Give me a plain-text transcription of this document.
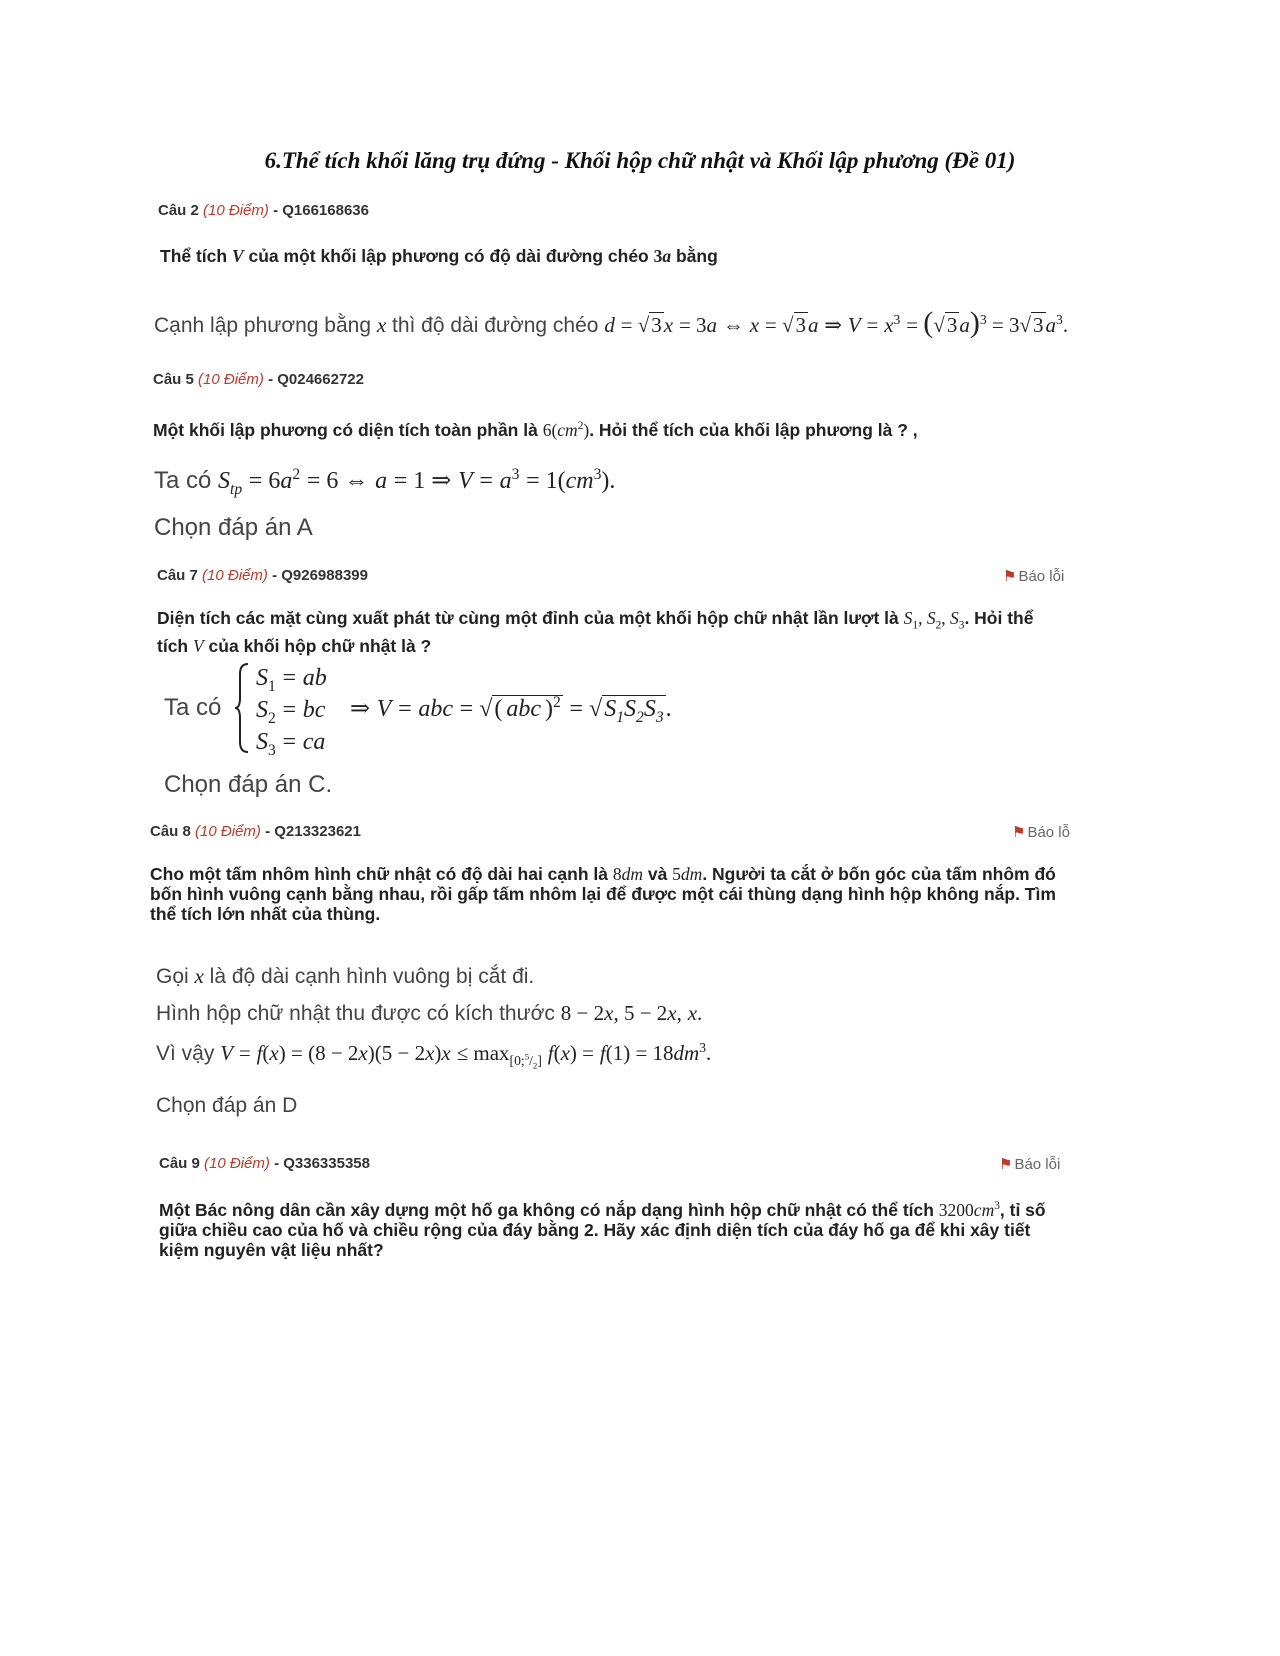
6.Thể tích khối lăng trụ đứng - Khối hộp chữ nhật và Khối lập phương (Đề 01)
Câu 2 (10 Điểm) - Q166168636
Thể tích V của một khối lập phương có độ dài đường chéo 3a bằng
Cạnh lập phương bằng x thì độ dài đường chéo d = √3x = 3a ⇔ x = √3a ⇒ $V = x^3 = (√3a)^3 = 3√3a^3$.
Câu 5 (10 Điểm) - Q024662722
Một khối lập phương có diện tích toàn phần là $6(cm^2)$. Hỏi thể tích của khối lập phương là ? ,
Ta có $S_{tp} = 6a^2 = 6$ ⇔ a = 1 ⇒ $V = a^3 = 1(cm^3)$.
Chọn đáp án A
Câu 7 (10 Điểm) - Q926988399	⚑ Báo lỗi
Diện tích các mặt cùng xuất phát từ cùng một đỉnh của một khối hộp chữ nhật lần lượt là $S_1$, $S_2$, $S_3$. Hỏi thể tích V của khối hộp chữ nhật là ?
Ta có
$S_1$ = ab
$S_2$ = bc
$S_3$ = ca
⇒ V = abc = √( abc )$^2 = √S_1S_2S_3$.
Chọn đáp án C.
Câu 8 (10 Điểm) - Q213323621	⚑ Báo lỗ
Cho một tấm nhôm hình chữ nhật có độ dài hai cạnh là 8dm và 5dm. Người ta cắt ở bốn góc của tấm nhôm đó bốn hình vuông cạnh bằng nhau, rồi gấp tấm nhôm lại để được một cái thùng dạng hình hộp không nắp. Tìm thể tích lớn nhất của thùng.
Gọi x là độ dài cạnh hình vuông bị cắt đi.
Hình hộp chữ nhật thu được có kích thước 8 − 2x, 5 − 2x, x.
Vì vậy $V = f(x) = (8 - 2x)(5 - 2x)x \le \max_{[0;^5/_2]} f(x) = f(1) = 18dm^3$.
Chọn đáp án D
Câu 9 (10 Điểm) - Q336335358	⚑ Báo lỗi
Một Bác nông dân cần xây dựng một hố ga không có nắp dạng hình hộp chữ nhật có thể tích $3200cm^3$, tỉ số giữa chiều cao của hố và chiều rộng của đáy bằng 2. Hãy xác định diện tích của đáy hố ga để khi xây tiết kiệm nguyên vật liệu nhất?
